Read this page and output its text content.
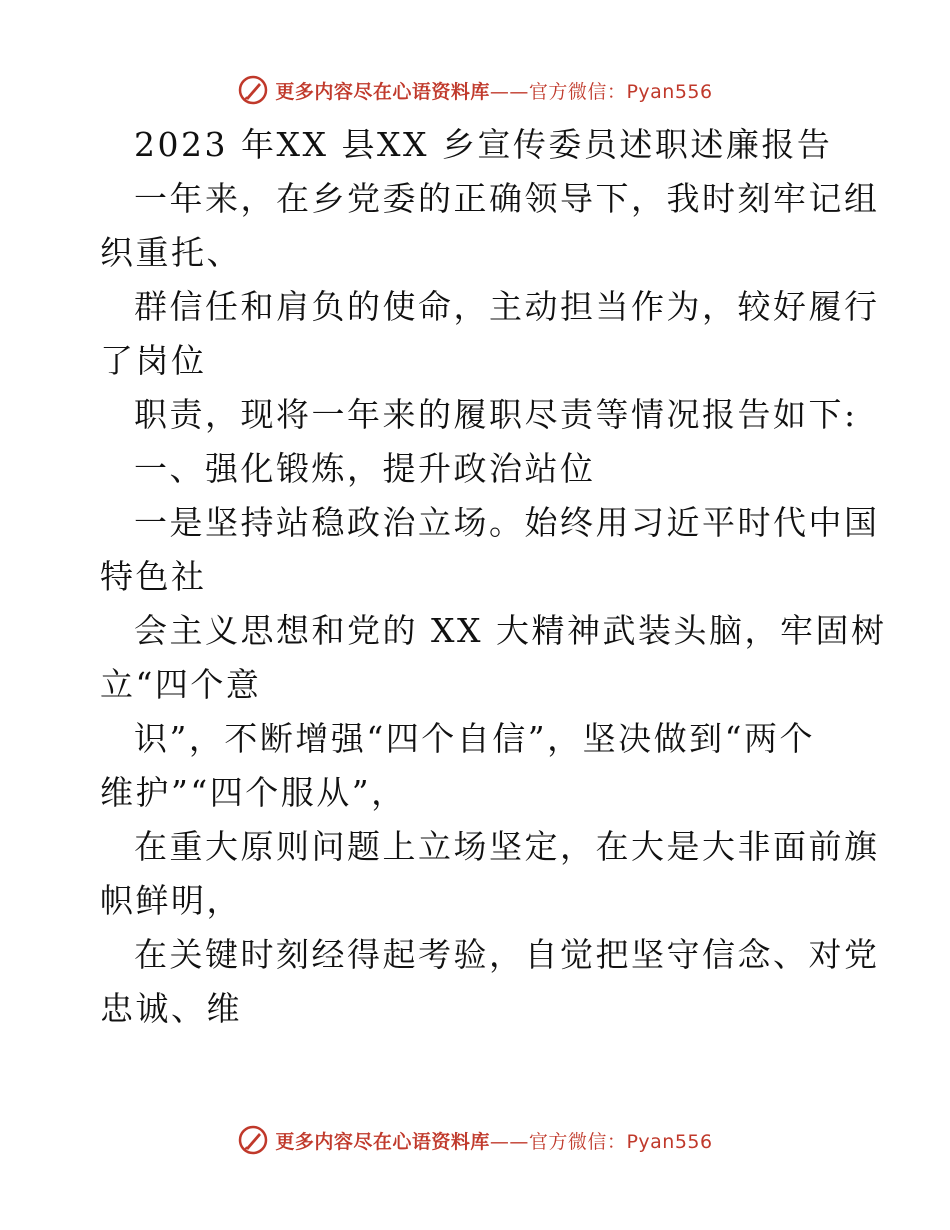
更多内容尽在心语资料库——官方微信：Pyan556
2023 年XX 县XX 乡宣传委员述职述廉报告
一年来，在乡党委的正确领导下，我时刻牢记组
织重托、
群信任和肩负的使命，主动担当作为，较好履行
了岗位
职责，现将一年来的履职尽责等情况报告如下:
一、强化锻炼，提升政治站位
一是坚持站稳政治立场。始终用习近平时代中国
特色社
会主义思想和党的 XX 大精神武装头脑，牢固树
立“四个意
识”，不断增强“四个自信”，坚决做到“两个
维护”“四个服从”，
在重大原则问题上立场坚定，在大是大非面前旗
帜鲜明，
在关键时刻经得起考验，自觉把坚守信念、对党
忠诚、维
更多内容尽在心语资料库——官方微信：Pyan556
